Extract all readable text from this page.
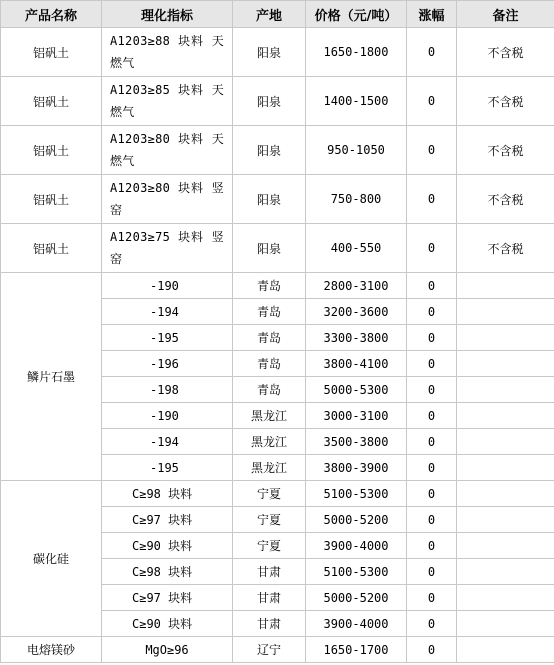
产品名称	理化指标	产地	价格（元/吨）	涨幅	备注
铝矾土	A1203≥88 块料 天燃气	阳泉	1650-1800	0	不含税
铝矾土	A1203≥85 块料 天燃气	阳泉	1400-1500	0	不含税
铝矾土	A1203≥80 块料 天燃气	阳泉	950-1050	0	不含税
铝矾土	A1203≥80 块料 竖窑	阳泉	750-800	0	不含税
铝矾土	A1203≥75 块料 竖窑	阳泉	400-550	0	不含税
鳞片石墨	-190	青岛	2800-3100	0	
	-194	青岛	3200-3600	0	
	-195	青岛	3300-3800	0	
	-196	青岛	3800-4100	0	
	-198	青岛	5000-5300	0	
	-190	黑龙江	3000-3100	0	
	-194	黑龙江	3500-3800	0	
	-195	黑龙江	3800-3900	0	
碳化硅	C≥98 块料	宁夏	5100-5300	0	
	C≥97 块料	宁夏	5000-5200	0	
	C≥90 块料	宁夏	3900-4000	0	
	C≥98 块料	甘肃	5100-5300	0	
	C≥97 块料	甘肃	5000-5200	0	
	C≥90 块料	甘肃	3900-4000	0	
电熔镁砂	MgO≥96	辽宁	1650-1700	0	
